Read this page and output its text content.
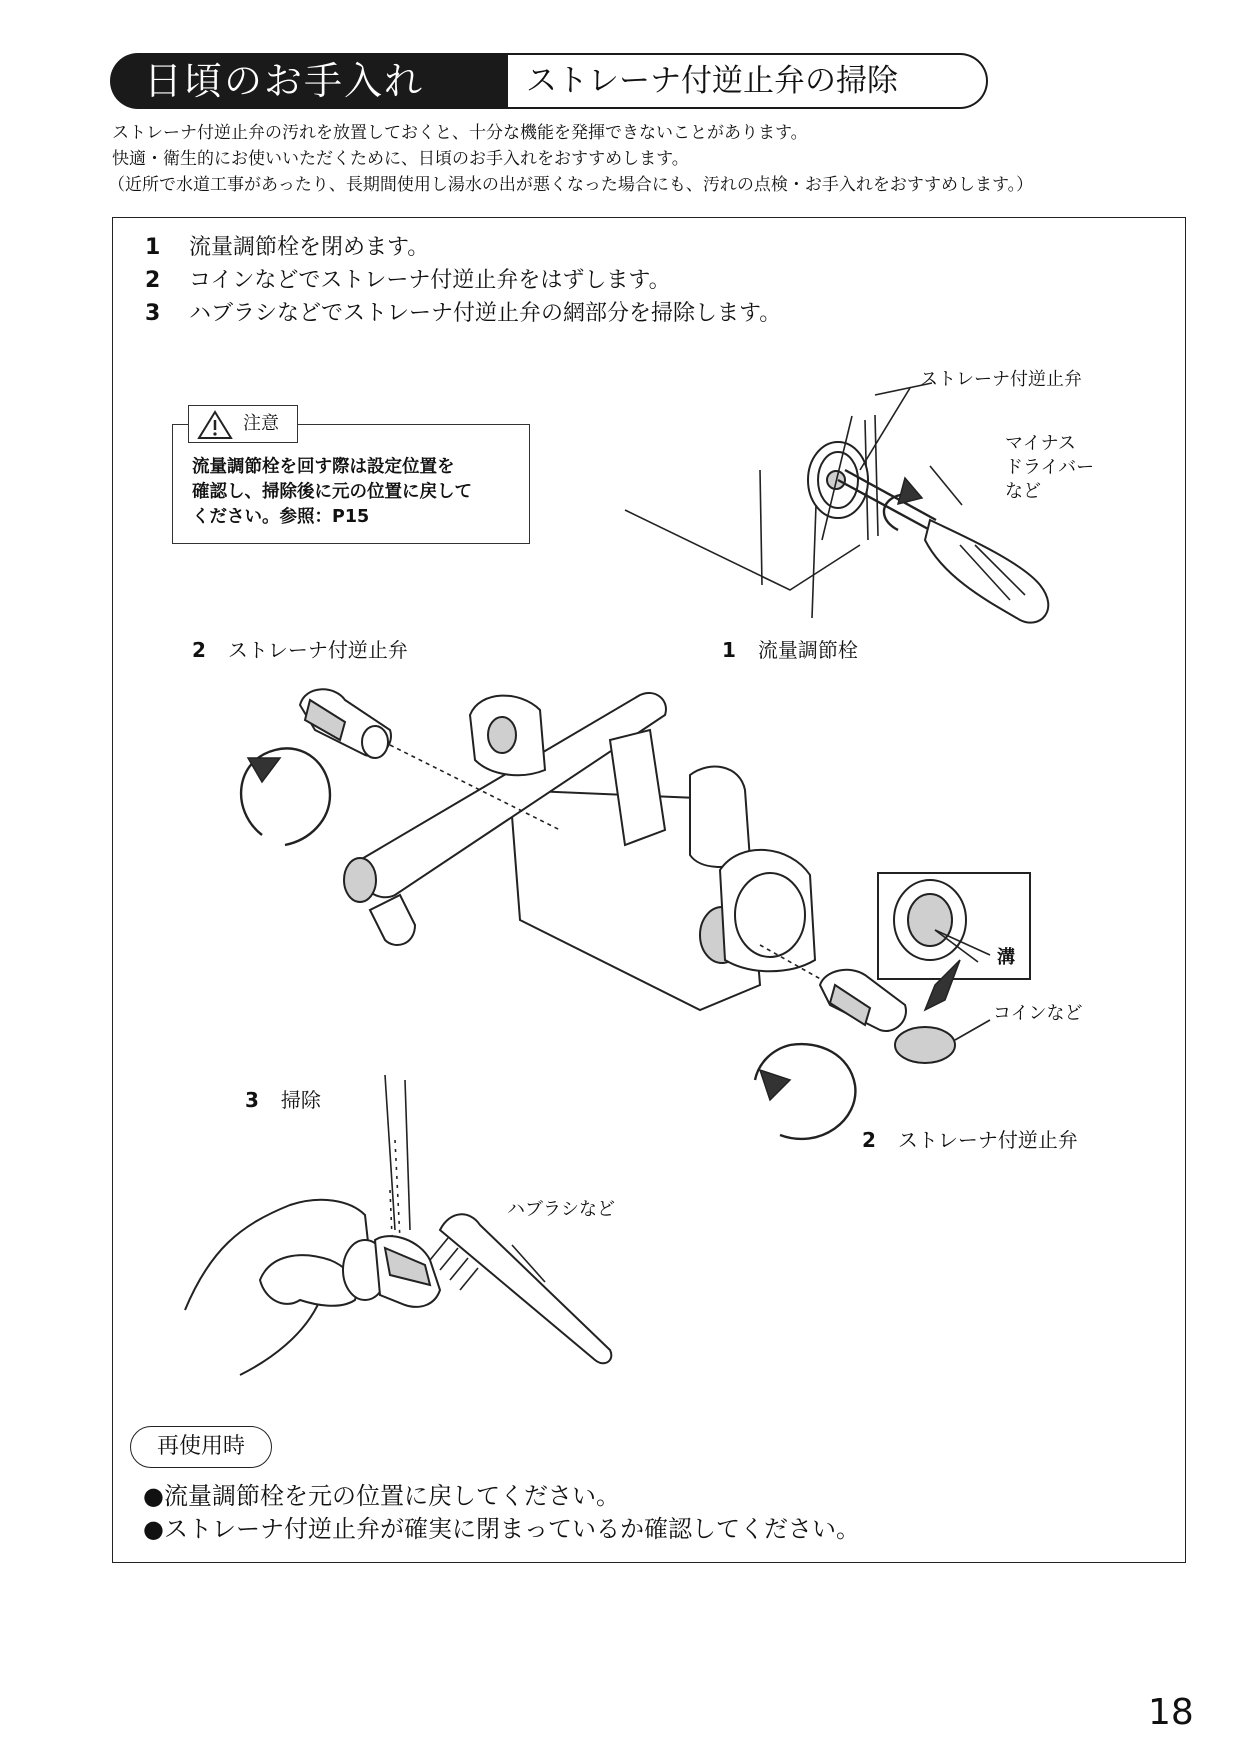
日頃のお手入れ	ストレーナ付逆止弁の掃除
ストレーナ付逆止弁の汚れを放置しておくと、十分な機能を発揮できないことがあります。
快適・衛生的にお使いいただくために、日頃のお手入れをおすすめします。
（近所で水道工事があったり、長期間使用し湯水の出が悪くなった場合にも、汚れの点検・お手入れをおすすめします。）
1 流量調節栓を閉めます。
2 コインなどでストレーナ付逆止弁をはずします。
3 ハブラシなどでストレーナ付逆止弁の網部分を掃除します。
注意
流量調節栓を回す際は設定位置を
確認し、掃除後に元の位置に戻して
ください。参照：P15
ストレーナ付逆止弁
マイナス
ドライバー
など
1 流量調節栓
2 ストレーナ付逆止弁
溝
コインなど
2 ストレーナ付逆止弁
3 掃除
ハブラシなど
再使用時
●流量調節栓を元の位置に戻してください。
●ストレーナ付逆止弁が確実に閉まっているか確認してください。
18
